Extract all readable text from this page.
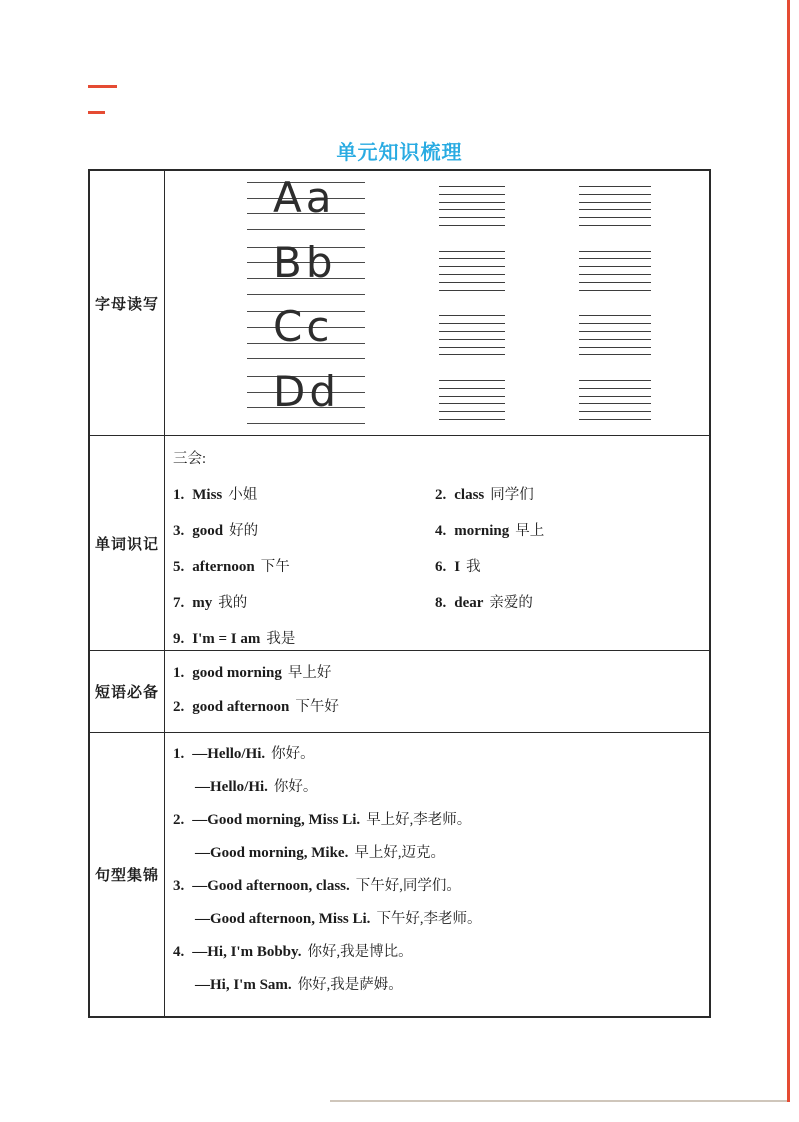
单元知识梳理
字母读写
Aa
Bb
Cc
Dd
单词识记
三会:
1. Miss 小姐	2. class 同学们
3. good 好的	4. morning 早上
5. afternoon 下午	6. I 我
7. my 我的	8. dear 亲爱的
9. I'm = I am 我是
短语必备
1. good morning 早上好
2. good afternoon 下午好
句型集锦
1. —Hello/Hi. 你好。
—Hello/Hi. 你好。
2. —Good morning, Miss Li. 早上好,李老师。
—Good morning, Mike. 早上好,迈克。
3. —Good afternoon, class. 下午好,同学们。
—Good afternoon, Miss Li. 下午好,李老师。
4. —Hi, I'm Bobby. 你好,我是博比。
—Hi, I'm Sam. 你好,我是萨姆。
